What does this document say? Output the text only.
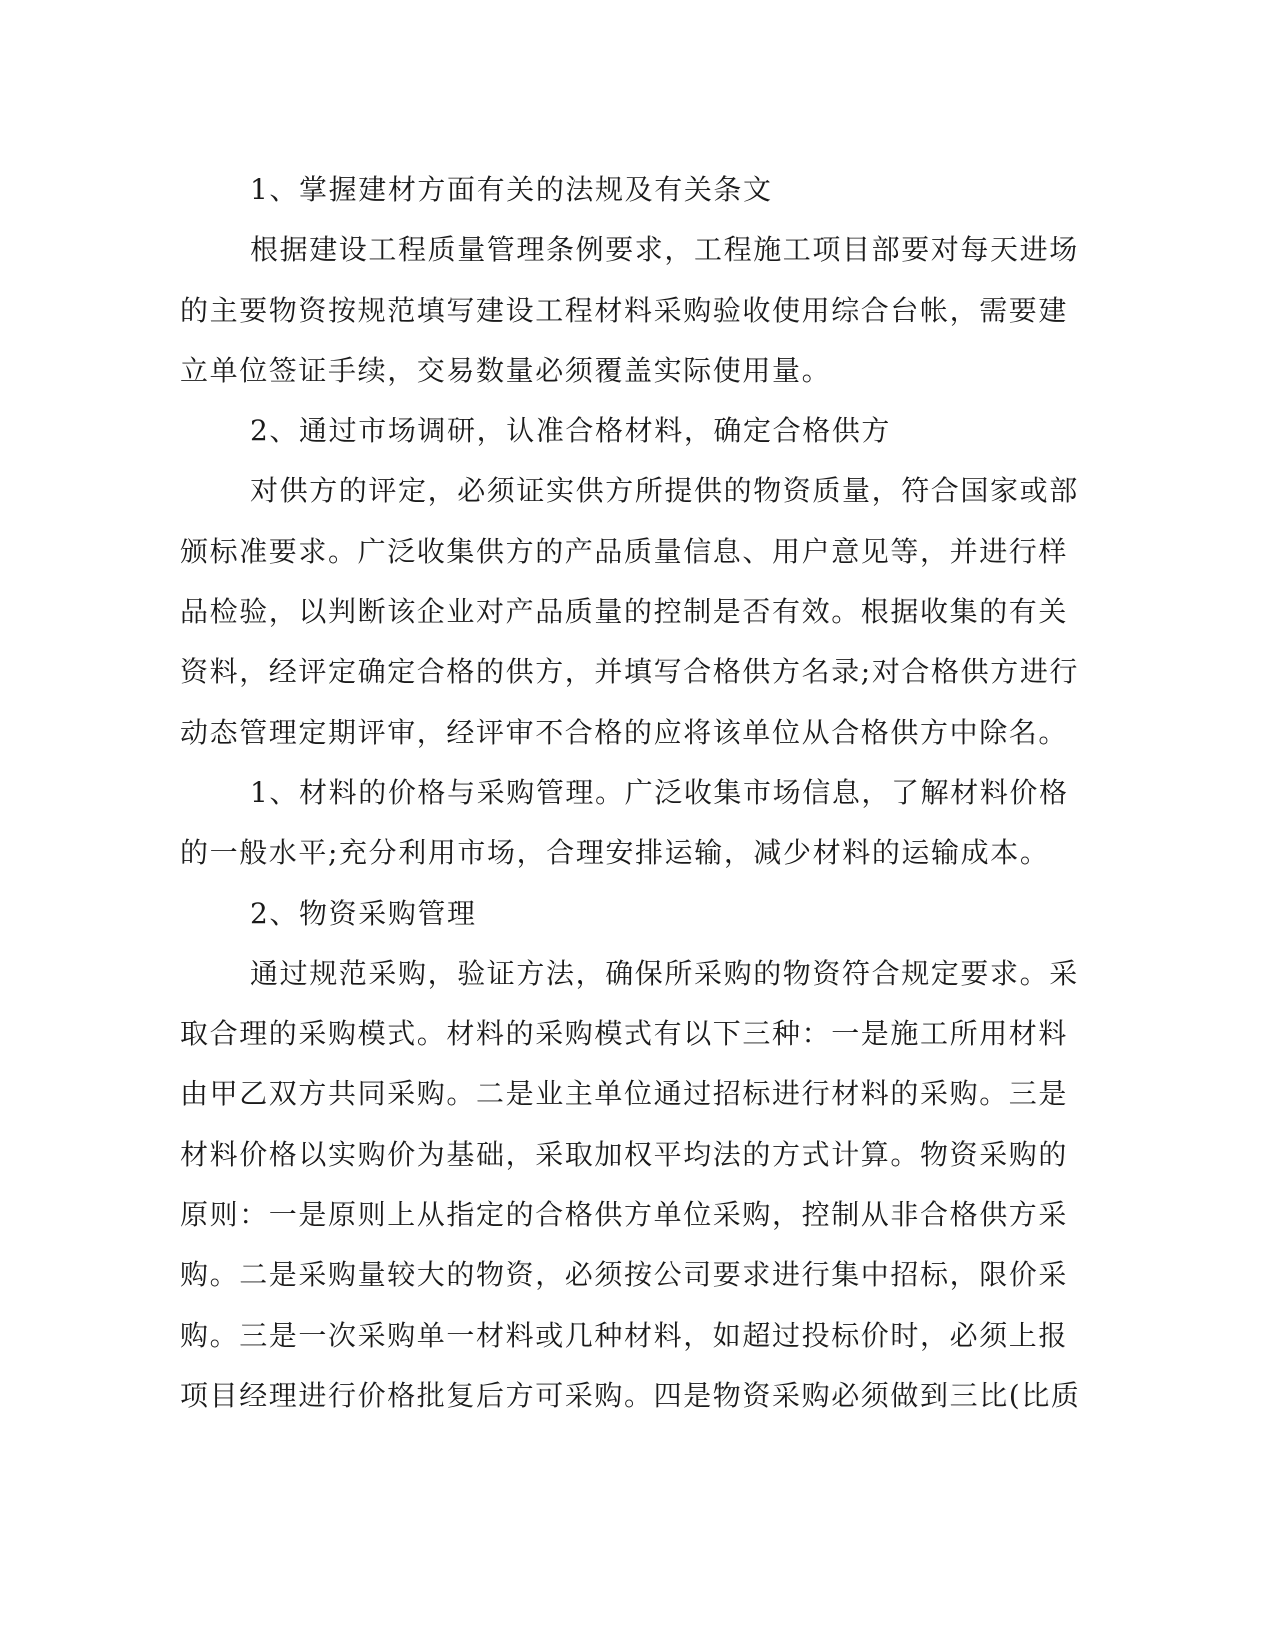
1、掌握建材方面有关的法规及有关条文
根据建设工程质量管理条例要求，工程施工项目部要对每天进场
的主要物资按规范填写建设工程材料采购验收使用综合台帐，需要建
立单位签证手续，交易数量必须覆盖实际使用量。
2、通过市场调研，认准合格材料，确定合格供方
对供方的评定，必须证实供方所提供的物资质量，符合国家或部
颁标准要求。广泛收集供方的产品质量信息、用户意见等，并进行样
品检验，以判断该企业对产品质量的控制是否有效。根据收集的有关
资料，经评定确定合格的供方，并填写合格供方名录;对合格供方进行
动态管理定期评审，经评审不合格的应将该单位从合格供方中除名。
1、材料的价格与采购管理。广泛收集市场信息，了解材料价格
的一般水平;充分利用市场，合理安排运输，减少材料的运输成本。
2、物资采购管理
通过规范采购，验证方法，确保所采购的物资符合规定要求。采
取合理的采购模式。材料的采购模式有以下三种：一是施工所用材料
由甲乙双方共同采购。二是业主单位通过招标进行材料的采购。三是
材料价格以实购价为基础，采取加权平均法的方式计算。物资采购的
原则：一是原则上从指定的合格供方单位采购，控制从非合格供方采
购。二是采购量较大的物资，必须按公司要求进行集中招标，限价采
购。三是一次采购单一材料或几种材料，如超过投标价时，必须上报
项目经理进行价格批复后方可采购。四是物资采购必须做到三比(比质
